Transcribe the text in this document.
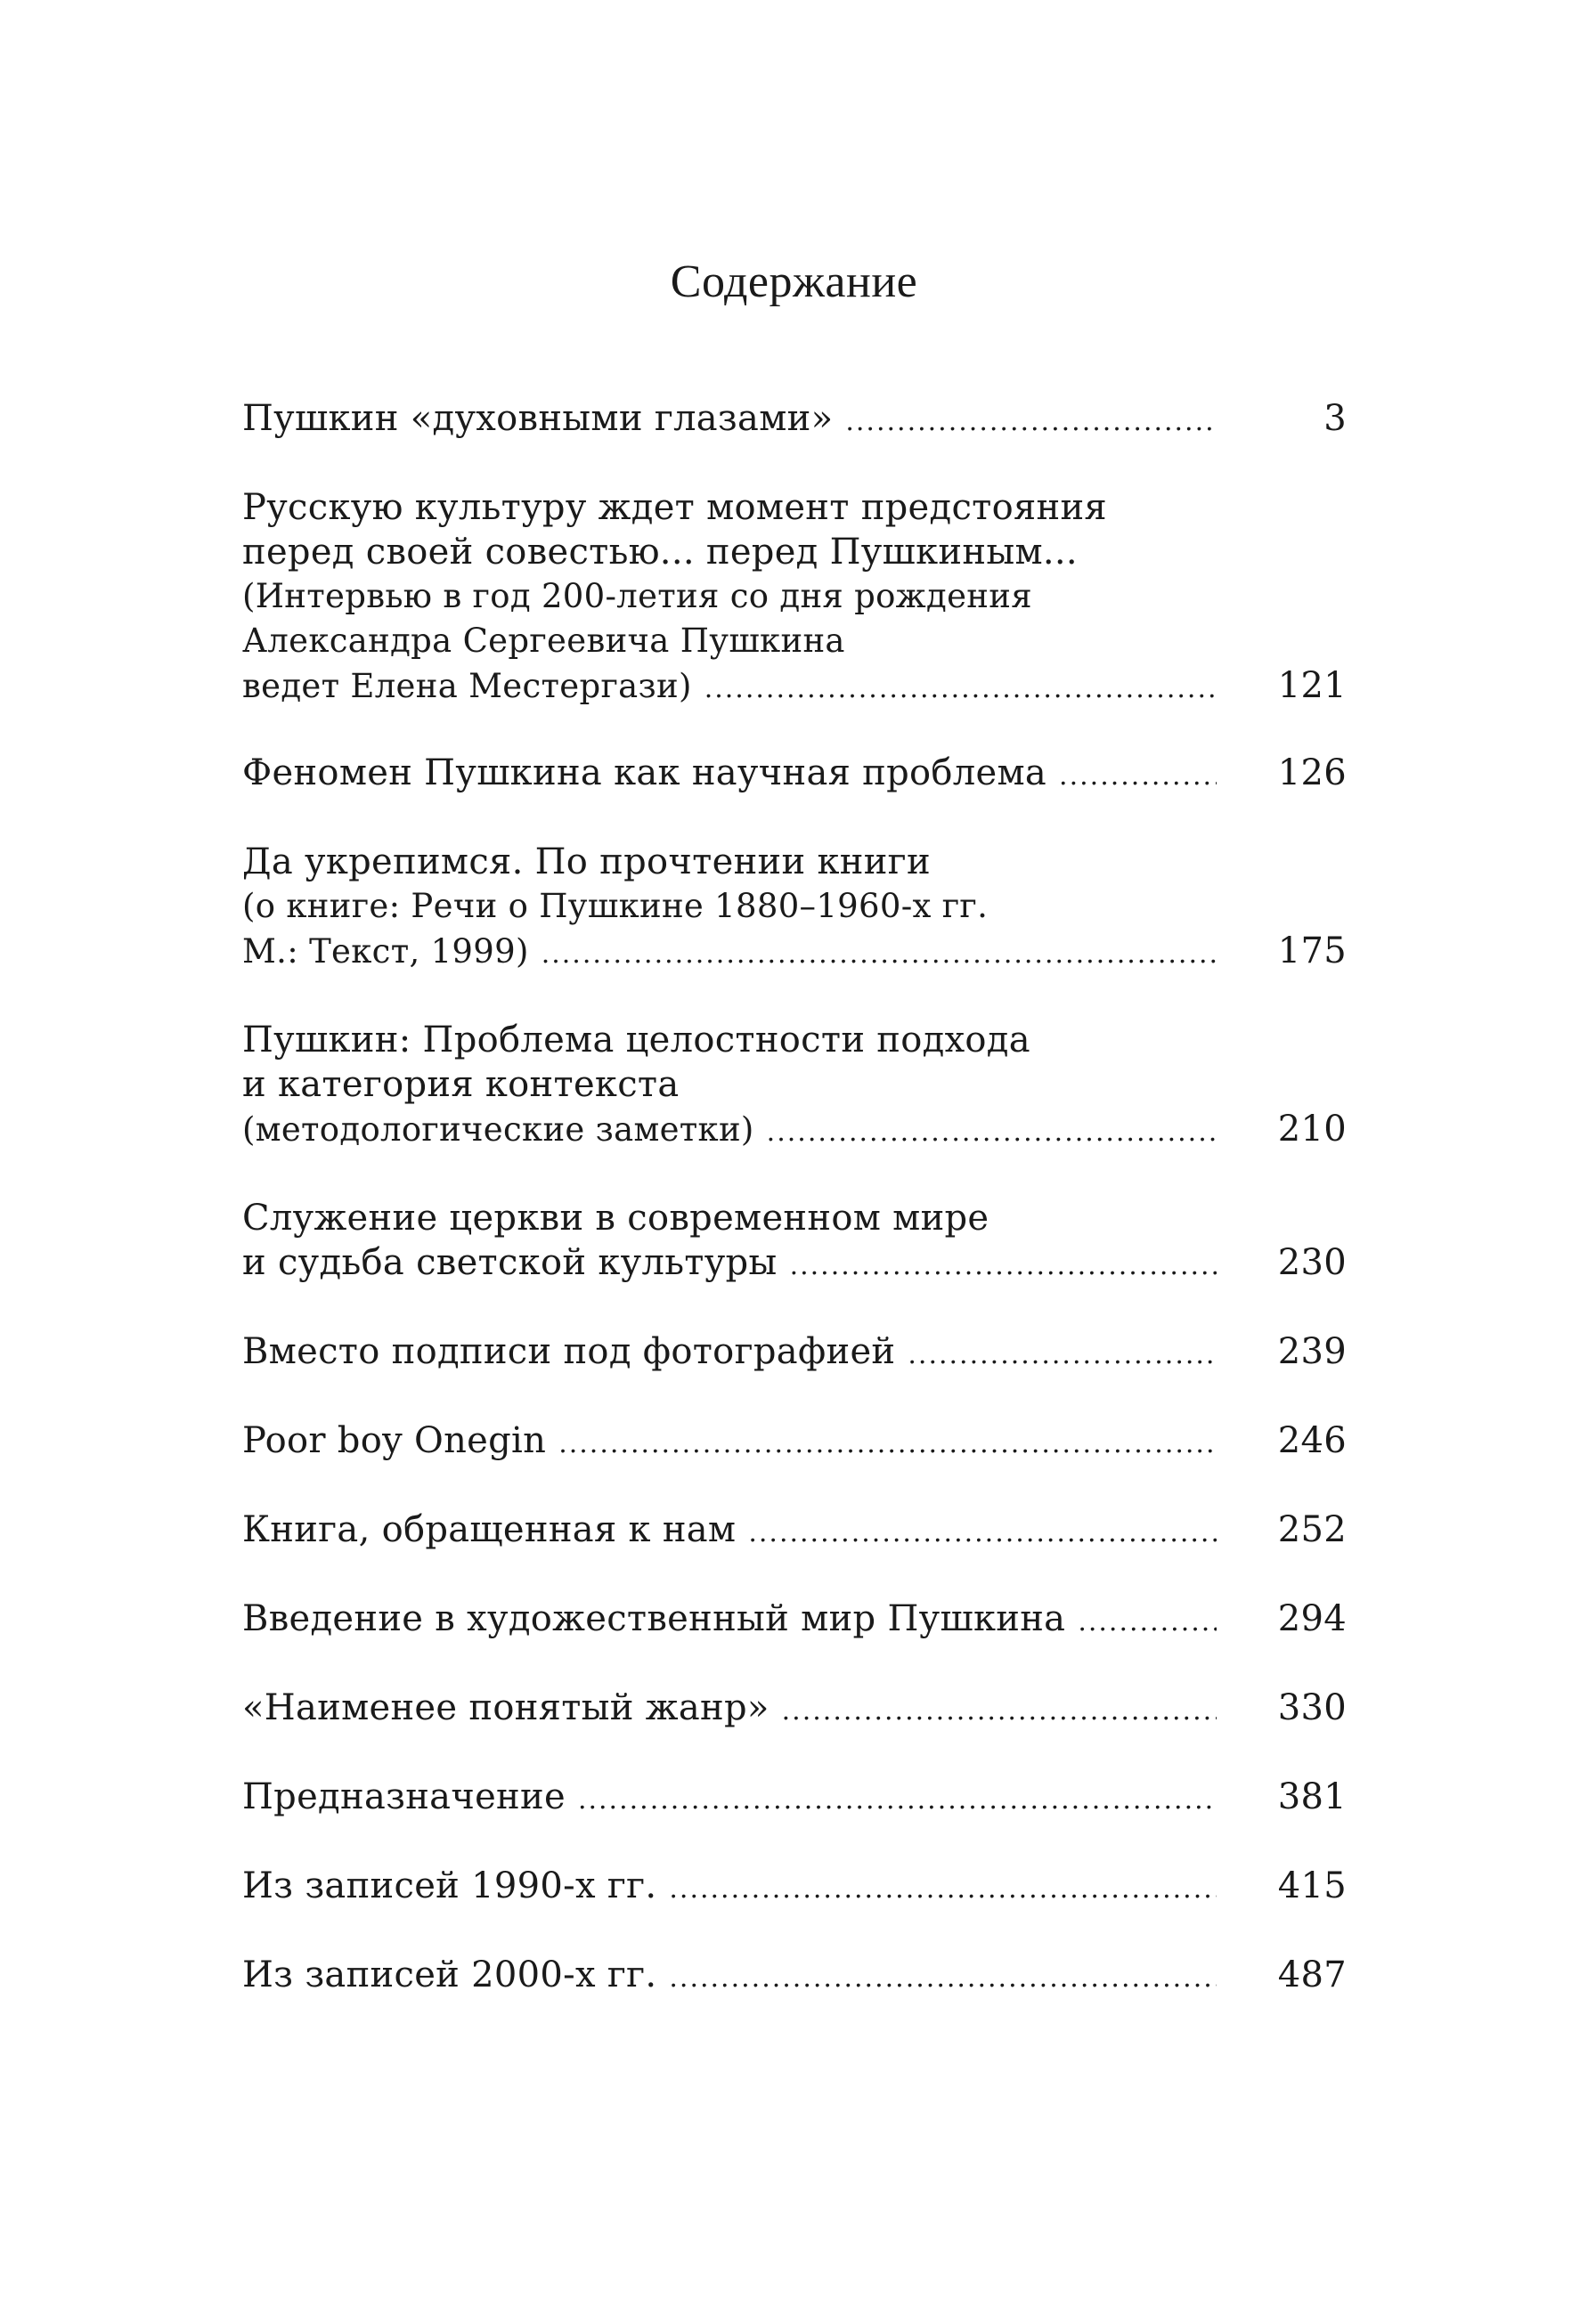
Содержание
Пушкин «духовными глазами» .....	3
Русскую культуру ждет момент предстояния
перед своей совестью... перед Пушкиным...
(Интервью в год 200-летия со дня рождения
Александра Сергеевича Пушкина
ведет Елена Местергази) .....	121
Феномен Пушкина как научная проблема .....	126
Да укрепимся. По прочтении книги
(о книге: Речи о Пушкине 1880–1960-х гг.
М.: Текст, 1999) .....	175
Пушкин: Проблема целостности подхода
и категория контекста
(методологические заметки) .....	210
Служение церкви в современном мире
и судьба светской культуры .....	230
Вместо подписи под фотографией .....	239
Poor boy Onegin .....	246
Книга, обращенная к нам .....	252
Введение в художественный мир Пушкина .....	294
«Наименее понятый жанр» .....	330
Предназначение .....	381
Из записей 1990-х гг. .....	415
Из записей 2000-х гг. .....	487
